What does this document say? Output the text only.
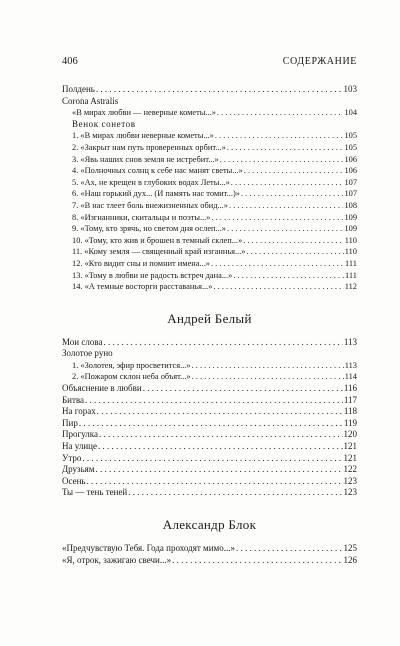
406	СОДЕРЖАНИЕ
Полдень . . .	103
Corona Astralis
«В мирах любви — неверные кометы...» . . .	104
Венок сонетов
1. «В мирах любви неверные кометы...» . . .	105
2. «Закрыт нам путь проверенных орбит...» . . .	105
3. «Явь наших снов земля не истребит...» . . .	106
4. «Полночных солнц к себе нас манят светы...» . . .	106
5. «Ах, не крещен в глубоких водах Леты...» . . .	107
6. «Наш горький дух... (И память нас томит...)» . . .	107
7. «В нас тлеет боль внежизненных обид...» . . .	108
8. «Изгнанники, скитальцы и поэты...» . . .	109
9. «Тому, кто зрячь, но светом дня ослеп...» . . .	109
10. «Тому, кто жив и брошен в темный склеп...» . . .	110
11. «Кому земля — священный край изганнья...» . . .	110
12. «Кто видит сны и помнит имена...» . . .	111
13. «Тому в любви не радость встреч дана...» . . .	111
14. «А темные восторги расставанья...» . . .	112
Андрей Белый
Мои слова . . .	113
Золотое руно
1. «Золотея, эфир просветится...» . . .	113
2. «Пожаром склон неба объят...» . . .	114
Объяснение в любви . . .	116
Битва . . .	117
На горах . . .	118
Пир . . .	119
Прогулка . . .	120
На улице . . .	121
Утро . . .	121
Друзьям . . .	122
Осень . . .	123
Ты — тень теней . . .	123
Александр Блок
«Предчувствую Тебя. Года проходят мимо...» . . .	125
«Я, отрок, зажигаю свечи...» . . .	126
